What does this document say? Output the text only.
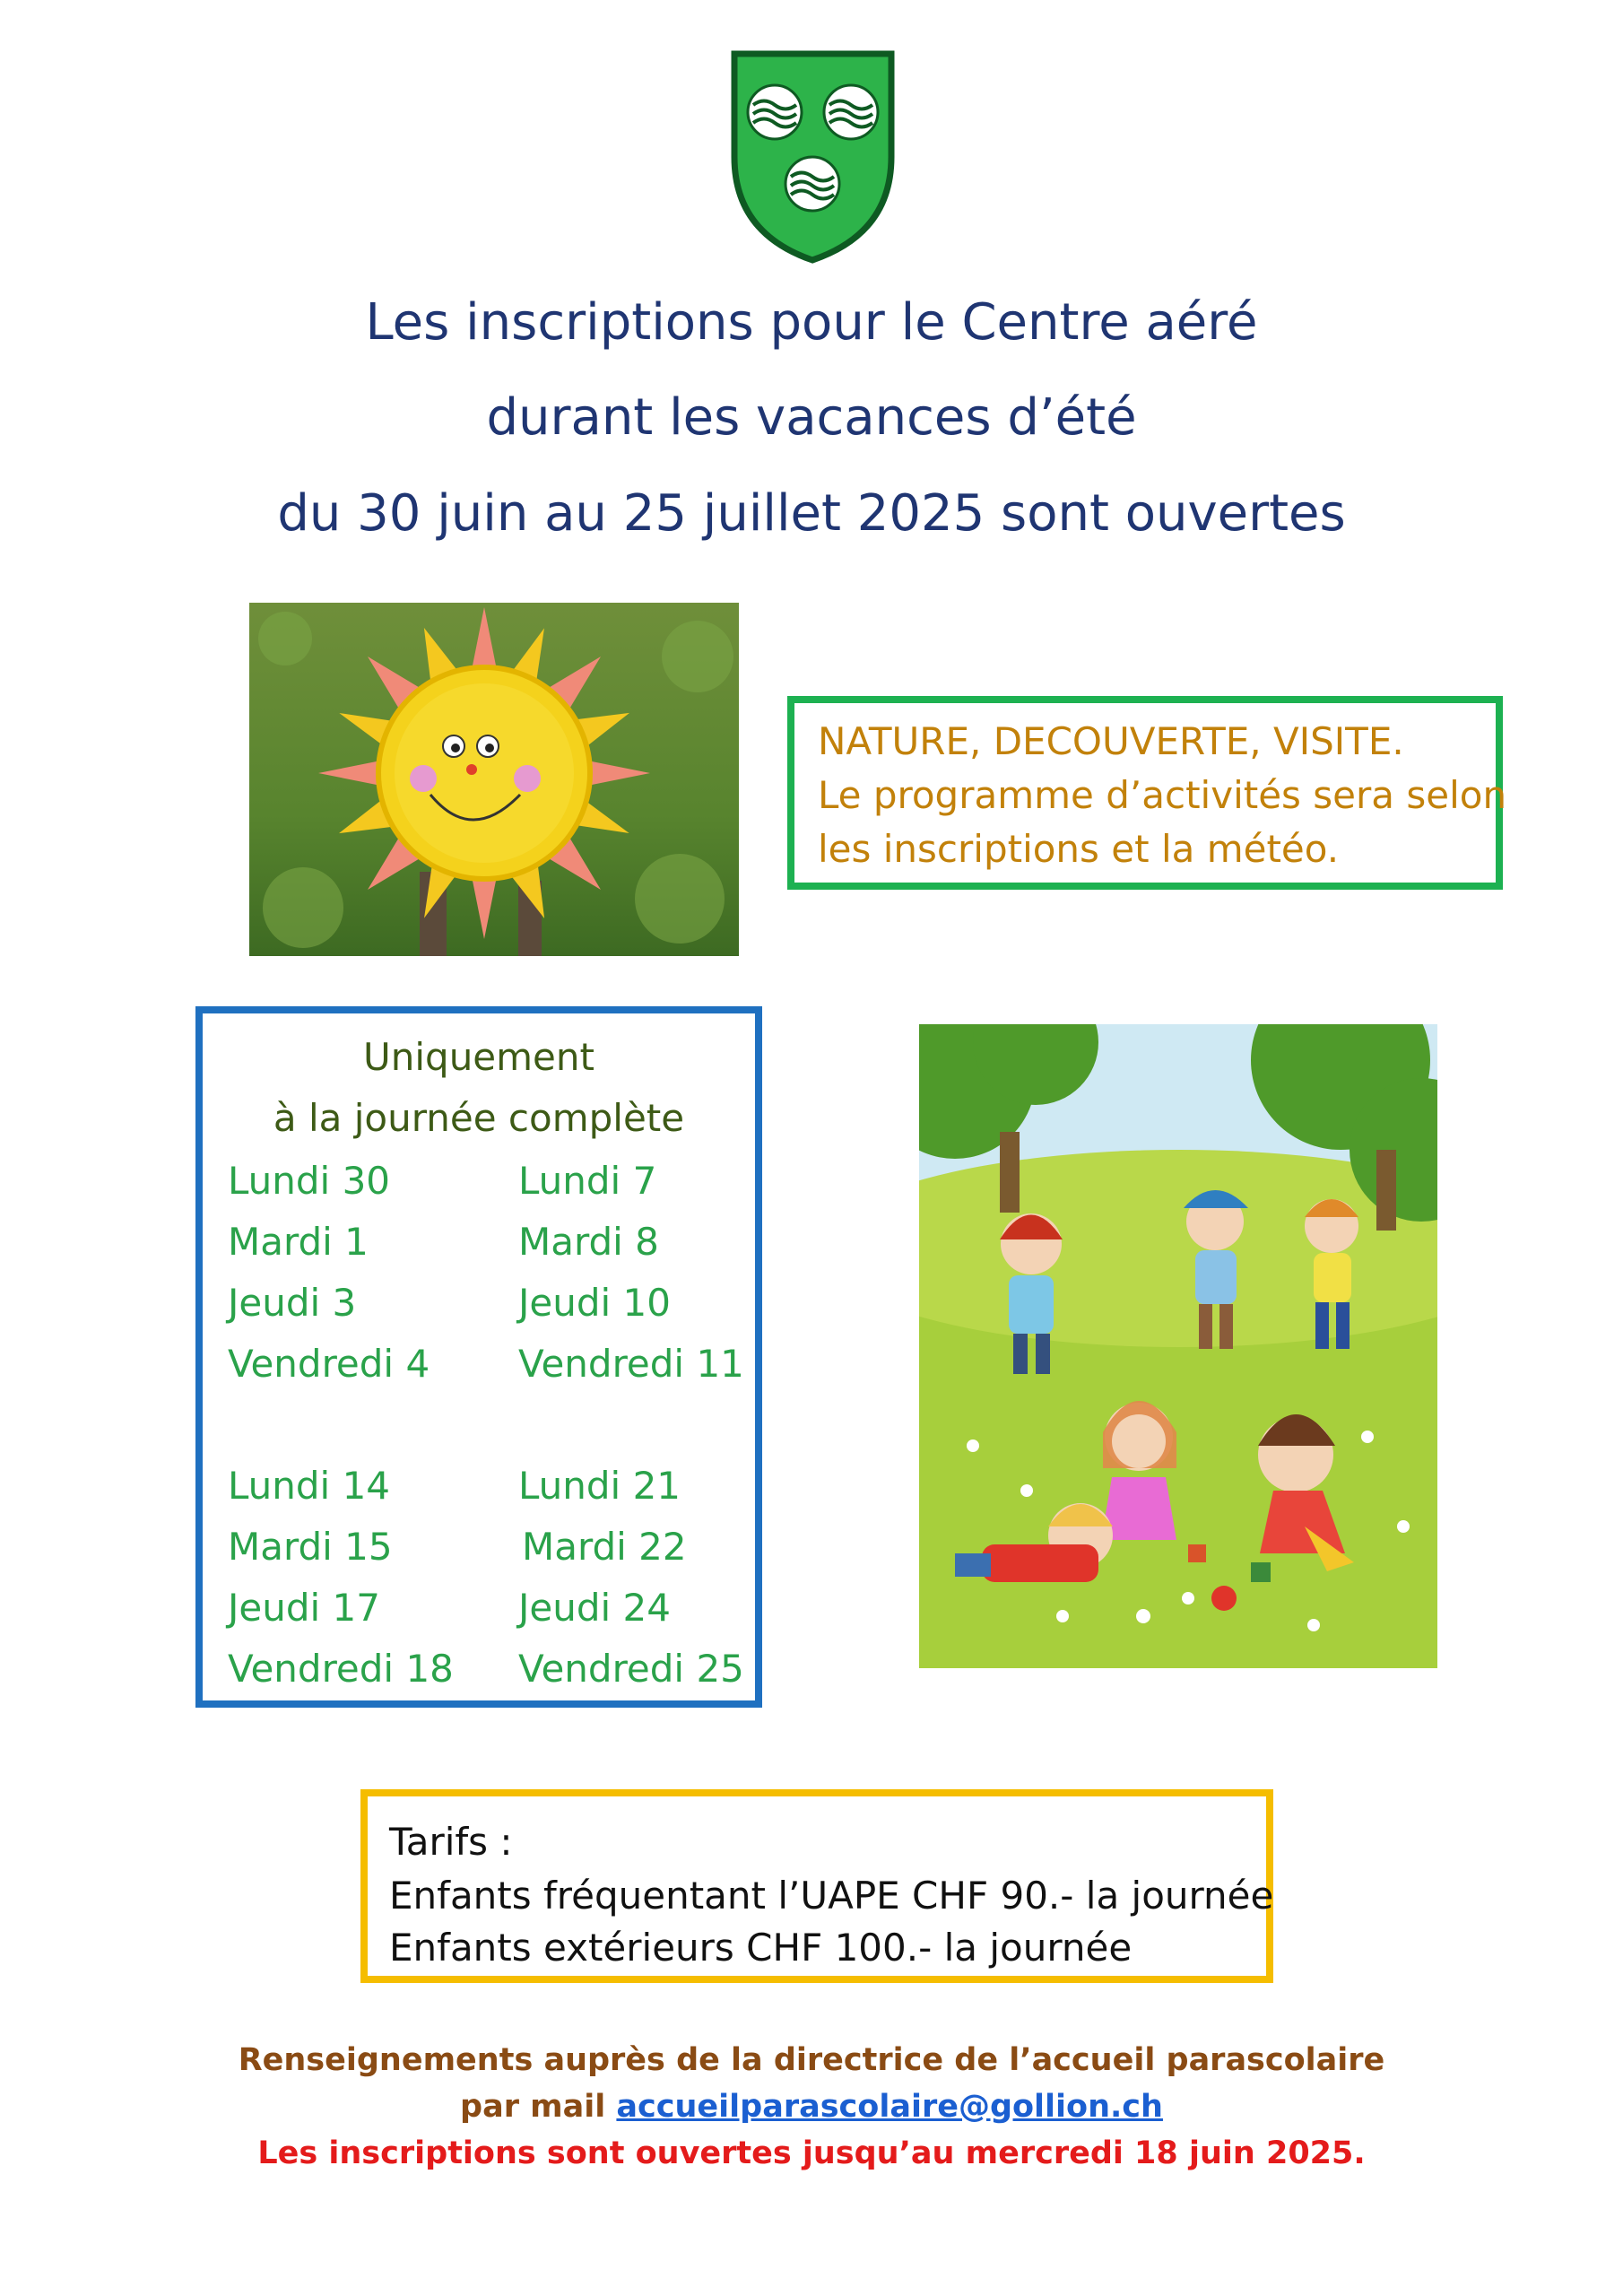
Les inscriptions pour le Centre aéré
durant les vacances d’été
du 30 juin au 25 juillet 2025 sont ouvertes
NATURE, DECOUVERTE, VISITE.
Le programme d’activités sera selon
les inscriptions et la météo.
Uniquement
à la journée complète
Lundi 30
Mardi 1
Jeudi 3
Vendredi 4
Lundi 7
Mardi 8
Jeudi 10
Vendredi 11
Lundi 14
Mardi 15
Jeudi 17
Vendredi 18
Lundi 21
Mardi 22
Jeudi 24
Vendredi 25
Tarifs :
Enfants fréquentant l’UAPE CHF 90.- la journée
Enfants extérieurs CHF 100.- la journée
Renseignements auprès de la directrice de l’accueil parascolaire
par mail accueilparascolaire@gollion.ch
Les inscriptions sont ouvertes jusqu’au mercredi 18 juin 2025.
